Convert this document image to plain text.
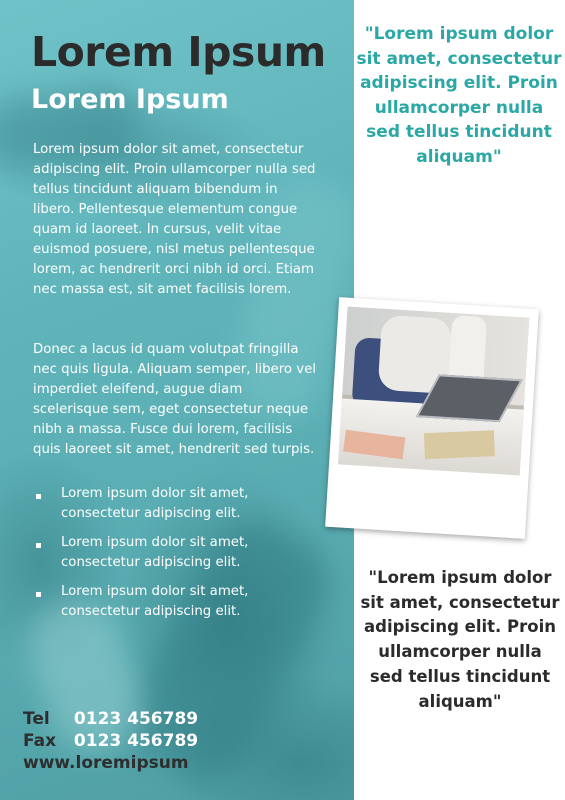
Lorem Ipsum
Lorem Ipsum

Lorem ipsum dolor sit amet, consectetur adipiscing elit. Proin ullamcorper nulla sed tellus tincidunt aliquam bibendum in libero. Pellentesque elementum congue quam id laoreet. In cursus, velit vitae euismod posuere, nisl metus pellentesque lorem, ac hendrerit orci nibh id orci. Etiam nec massa est, sit amet facilisis lorem.

Donec a lacus id quam volutpat fringilla nec quis ligula. Aliquam semper, libero vel imperdiet eleifend, augue diam scelerisque sem, eget consectetur neque nibh a massa. Fusce dui lorem, facilisis quis laoreet sit amet, hendrerit sed turpis.

Lorem ipsum dolor sit amet, consectetur adipiscing elit.
Lorem ipsum dolor sit amet, consectetur adipiscing elit.
Lorem ipsum dolor sit amet, consectetur adipiscing elit.
Tel 0123 456789
Fax 0123 456789
www.loremipsum

"Lorem ipsum dolor sit amet, consectetur adipiscing elit. Proin ullamcorper nulla sed tellus tincidunt aliquam"

"Lorem ipsum dolor sit amet, consectetur adipiscing elit. Proin ullamcorper nulla sed tellus tincidunt aliquam"
